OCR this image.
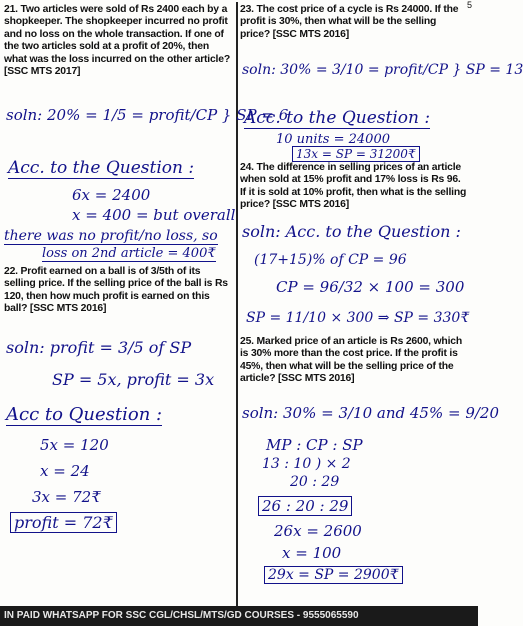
21. Two articles were sold of Rs 2400 each by a shopkeeper. The shopkeeper incurred no profit and no loss on the whole transaction. If one of the two articles sold at a profit of 20%, then what was the loss incurred on the other article? [SSC MTS 2017]
soln: 20% = 1/5 = profit/CP } SP = 6
Acc. to the Question :
6x = 2400
x = 400 = but overall
there was no profit/no loss, so
loss on 2nd article = 400₹
22. Profit earned on a ball is of 3/5th of its selling price. If the selling price of the ball is Rs 120, then how much profit is earned on this ball? [SSC MTS 2016]
soln: profit = 3/5 of SP
SP = 5x, profit = 3x
Acc to Question :
5x = 120
x = 24
3x = 72₹
profit = 72₹
23. The cost price of a cycle is Rs 24000. If the profit is 30%, then what will be the selling price? [SSC MTS 2016]
soln: 30% = 3/10 = profit/CP } SP = 13
Acc. to the Question :
10 units = 24000
13x = SP = 31200₹
24. The difference in selling prices of an article when sold at 15% profit and 17% loss is Rs 96. If it is sold at 10% profit, then what is the selling price? [SSC MTS 2016]
soln: Acc. to the Question :
(17+15)% of CP = 96
CP = 96/32 × 100 = 300
SP = 11/10 × 300 ⇒ SP = 330₹
25. Marked price of an article is Rs 2600, which is 30% more than the cost price. If the profit is 45%, then what will be the selling price of the article? [SSC MTS 2016]
soln: 30% = 3/10 and 45% = 9/20
MP : CP : SP
13 : 10 ) × 2
20 : 29
26 : 20 : 29
26x = 2600
x = 100
29x = SP = 2900₹
5
IN PAID WHATSAPP FOR SSC CGL/CHSL/MTS/GD COURSES - 9555065590
